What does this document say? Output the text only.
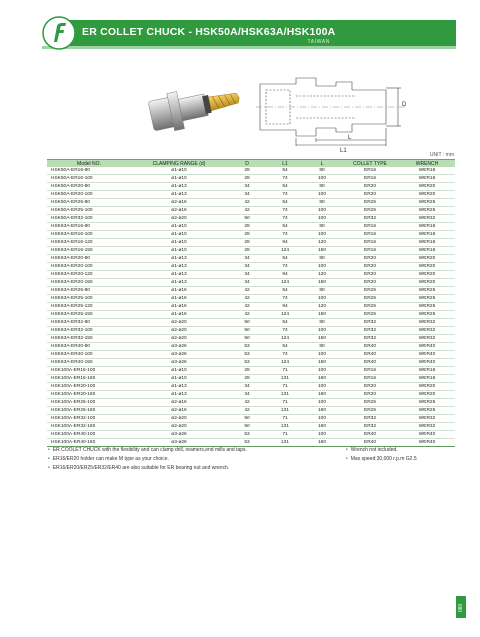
ER COLLET CHUCK - HSK50A/HSK63A/HSK100A
TAIWAN
D
L
L1
UNIT : mm
Model NO.	CLAMPING RANGE (d)	D	L1	L	COLLET TYPE	WRENCH
HSK50A-ER16-80	ø1-ø10	28	54	80	ER16	WER16
HSK50A-ER16-100	ø1-ø10	28	74	100	ER16	WER16
HSK50A-ER20-80	ø1-ø13	34	54	80	ER20	WER20
HSK50A-ER20-100	ø1-ø13	34	74	100	ER20	WER20
HSK50A-ER25-80	ø2-ø16	42	54	80	ER25	WER25
HSK50A-ER25-100	ø2-ø16	42	74	100	ER25	WER25
HSK50A-ER32-100	ø2-ø20	50	74	100	ER32	WER32
HSK63A-ER16-80	ø1-ø10	28	54	80	ER16	WER16
HSK63A-ER16-100	ø1-ø10	28	74	100	ER16	WER16
HSK63A-ER16-120	ø1-ø10	28	94	120	ER16	WER16
HSK63A-ER16-150	ø1-ø10	28	124	150	ER16	WER16
HSK63A-ER20-80	ø1-ø13	34	54	80	ER20	WER20
HSK63A-ER20-100	ø1-ø13	34	74	100	ER20	WER20
HSK63A-ER20-120	ø1-ø13	34	94	120	ER20	WER20
HSK63A-ER20-150	ø1-ø13	34	124	150	ER20	WER20
HSK63A-ER25-80	ø1-ø16	42	54	80	ER25	WER25
HSK63A-ER25-100	ø1-ø16	42	74	100	ER25	WER25
HSK63A-ER25-120	ø1-ø16	42	94	120	ER25	WER25
HSK63A-ER25-150	ø1-ø16	42	124	150	ER25	WER25
HSK63A-ER32-80	ø2-ø20	50	54	80	ER32	WER32
HSK63A-ER32-100	ø2-ø20	50	74	100	ER32	WER32
HSK63A-ER32-150	ø2-ø20	50	124	150	ER32	WER32
HSK63A-ER40-80	ø3-ø26	63	54	80	ER40	WER40
HSK63A-ER40-100	ø3-ø26	63	74	100	ER40	WER40
HSK63A-ER40-150	ø3-ø26	63	124	150	ER40	WER40
HSK100A-ER16-100	ø1-ø10	28	71	100	ER16	WER16
HSK100A-ER16-160	ø1-ø10	28	131	160	ER16	WER16
HSK100A-ER20-100	ø1-ø13	34	71	100	ER20	WER20
HSK100A-ER20-160	ø1-ø13	34	131	160	ER20	WER20
HSK100A-ER25-100	ø2-ø16	42	71	100	ER25	WER25
HSK100A-ER25-160	ø2-ø16	42	131	160	ER25	WER25
HSK100A-ER32-100	ø2-ø20	50	71	100	ER32	WER32
HSK100A-ER32-160	ø2-ø20	50	131	160	ER32	WER32
HSK100A-ER40-100	ø3-ø26	63	71	100	ER40	WER40
HSK100A-ER40-160	ø3-ø26	63	131	160	ER40	WER40
• ER COOLET CHUCK with the flexibility and can clamp drill, reamers,end mills and taps.
• ER16/ER20 holder can make M type as your choice.
• ER16/ER20/ER25/ER32/ER40 are also suitable for ER bearing nut and wrench.
• Wrench not included.
• Max speed:30,000 r.p.m G2.5
080
